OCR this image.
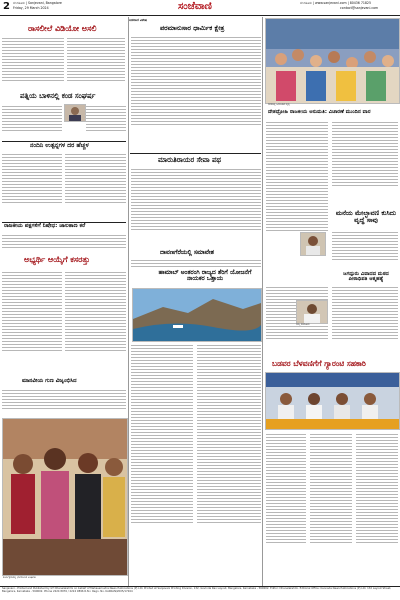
2 ಬೆಂಗಳೂರು | Sanjevani, Bangalore
Friday, 29 March 2024	ಸಂಜೆವಾಣಿ	ಬೆಂಗಳೂರು | www.sanjevani.com | 80436 71825
contact@sanjevani.com
ಸಂಜೆವಾಣಿ ವಿಶೇಷ
ರಾಸಲೀಲೆ ವಿಡಿಯೋ ಅಸಲಿ
ಪತ್ನಿಯ ಬಾಳಿನಲ್ಲಿ ಕಂಡ ಸಂಘರ್ಷ
ನಂದಿನಿ ಉತ್ಪನ್ನಗಳ ದರ ಹೆಚ್ಚಳ
ರಾಜಕೀಯ ಪಕ್ಷಗಳಿಗೆ ನಿಷೇಧ: ಜಾಲತಾಣ ಕರೆ
ಅಭ್ಯರ್ಥಿ ಆಯ್ಕೆಗೆ ಕಸರತ್ತು
ಮಾನವೀಯ ಗುಣ ವಿಜೃಂಭಿಸಿದ
ಕಾರ್ಯಕ್ರಮದಲ್ಲಿ ಭಾಗವಹಿಸಿದ ಅತಿಥಿಗಳು
ಪರಮಾನುಸಾರ ಧಾರ್ಮಿಕ ಕ್ಷೇತ್ರ
ಮಾರುತಿರಾಯರ ಸೇವಾ ಪಥ
ದಾವಣಗೆರೆಯಲ್ಲಿ ಸಮಾವೇಶ
ಹಾಮಾಬ್ ಅಂತರಂಗಿ ರಾಜ್ಯದ ತೆರಿಗೆ ಯೋಜನೆಗೆ ನಾಯಕರ ಒತ್ತಾಯ
ನಗರದಲ್ಲಿ ಜನಸಂದಣಿ ದೃಶ್ಯ
ದೇಶದ್ರೋಹಿ ರಾಜಕೀಯ ಅನುಮತಿ: ವಿಚಾರಣೆ ಮುಂದಿನ ವಾರ
ಮನೆಯ ಮೇಲ್ಛಾವಣಿ ಕುಸಿದು ವೃದ್ಧೆ ಸಾವು
ಜಗದ್ಗುರು ವಿವಾದದ ಮಠದ ಪೀಠಾಧಿಪತಿ ಆತ್ಮಹತ್ಯೆ
ನಮ್ಮ ಸಮಾಚಾರ
ಬಡವರ ಬೆಳವಣಿಗೆಗೆ ಗ್ಯಾರಂಟಿ ಸಹಕಾರಿ
Sanjevani - Printed and Published by GT Dhanalakshmi on behalf of Mahasamudra News Publications (P) Ltd. Printed at Sanjevani Printing Division, 132, Govinda Rao Layout, Bangalore, Karnataka - 560002. Editor: Dhanalakshmi. Editorial Office: Kannada News Publications (P) Ltd. 132 Layout Street, Bangalore, Karnataka - 560002. Phone 2224 8976 / 2224 9896 R.N.I. Regn. No. KARKAN/2005/17264
